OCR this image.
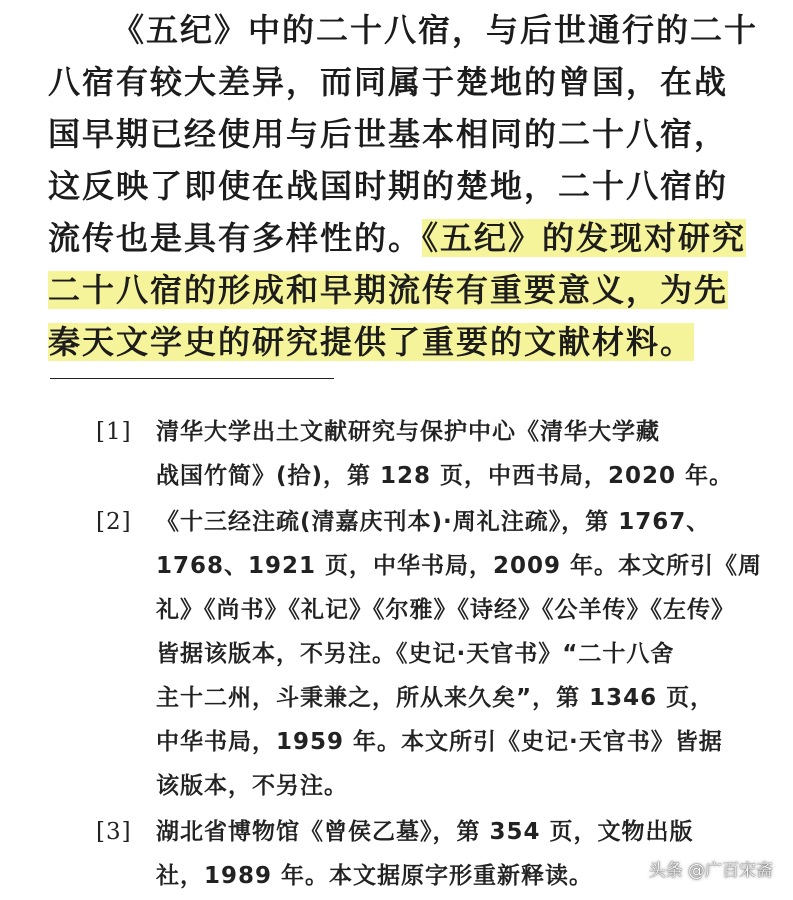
《五纪》中的二十八宿，与后世通行的二十
八宿有较大差异，而同属于楚地的曾国，在战
国早期已经使用与后世基本相同的二十八宿，
这反映了即使在战国时期的楚地，二十八宿的
流传也是具有多样性的。《五纪》的发现对研究
二十八宿的形成和早期流传有重要意义，为先
秦天文学史的研究提供了重要的文献材料。
[1] 清华大学出土文献研究与保护中心《清华大学藏
战国竹简》(拾)，第 128 页，中西书局，2020 年。
[2] 《十三经注疏(清嘉庆刊本)·周礼注疏》，第 1767、
1768、1921 页，中华书局，2009 年。本文所引《周
礼》《尚书》《礼记》《尔雅》《诗经》《公羊传》《左传》
皆据该版本，不另注。《史记·天官书》“二十八舍
主十二州，斗秉兼之，所从来久矣”，第 1346 页，
中华书局，1959 年。本文所引《史记·天官书》皆据
该版本，不另注。
[3] 湖北省博物馆《曾侯乙墓》，第 354 页，文物出版
社，1989 年。本文据原字形重新释读。	头条 @广百宋斋
